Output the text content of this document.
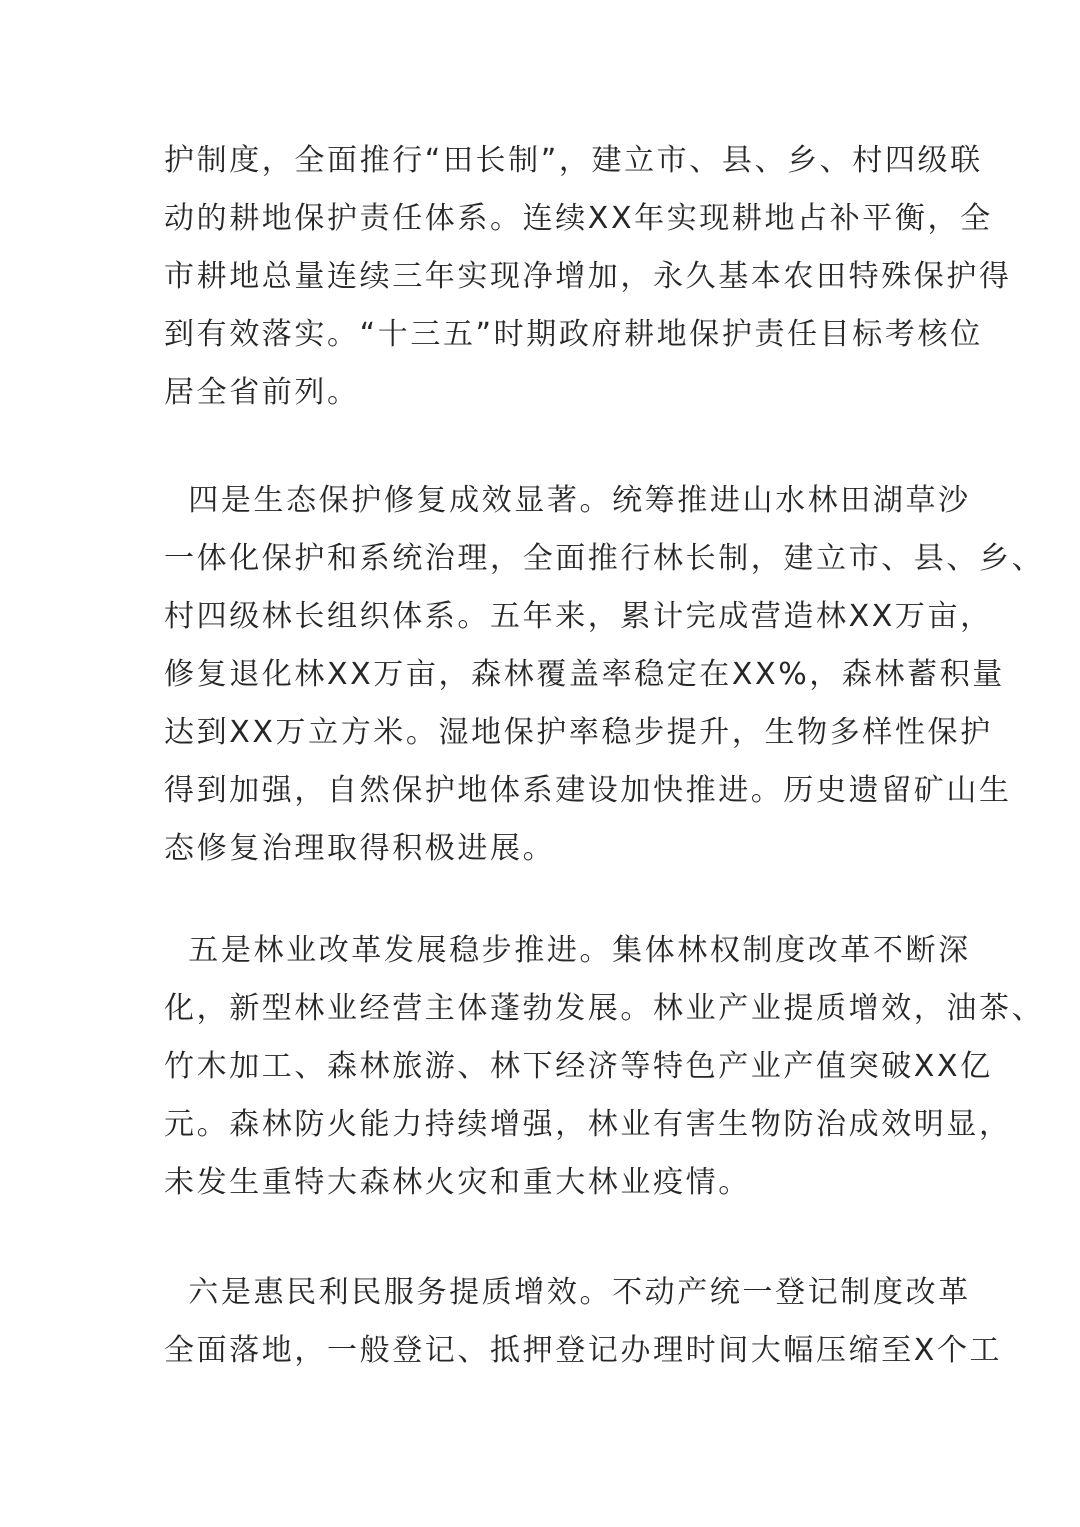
护制度，全面推行“田长制”，建立市、县、乡、村四级联
动的耕地保护责任体系。连续XX年实现耕地占补平衡，全
市耕地总量连续三年实现净增加，永久基本农田特殊保护得
到有效落实。“十三五”时期政府耕地保护责任目标考核位
居全省前列。
四是生态保护修复成效显著。统筹推进山水林田湖草沙
一体化保护和系统治理，全面推行林长制，建立市、县、乡、
村四级林长组织体系。五年来，累计完成营造林XX万亩，
修复退化林XX万亩，森林覆盖率稳定在XX%，森林蓄积量
达到XX万立方米。湿地保护率稳步提升，生物多样性保护
得到加强，自然保护地体系建设加快推进。历史遗留矿山生
态修复治理取得积极进展。
五是林业改革发展稳步推进。集体林权制度改革不断深
化，新型林业经营主体蓬勃发展。林业产业提质增效，油茶、
竹木加工、森林旅游、林下经济等特色产业产值突破XX亿
元。森林防火能力持续增强，林业有害生物防治成效明显，
未发生重特大森林火灾和重大林业疫情。
六是惠民利民服务提质增效。不动产统一登记制度改革
全面落地，一般登记、抵押登记办理时间大幅压缩至X个工
